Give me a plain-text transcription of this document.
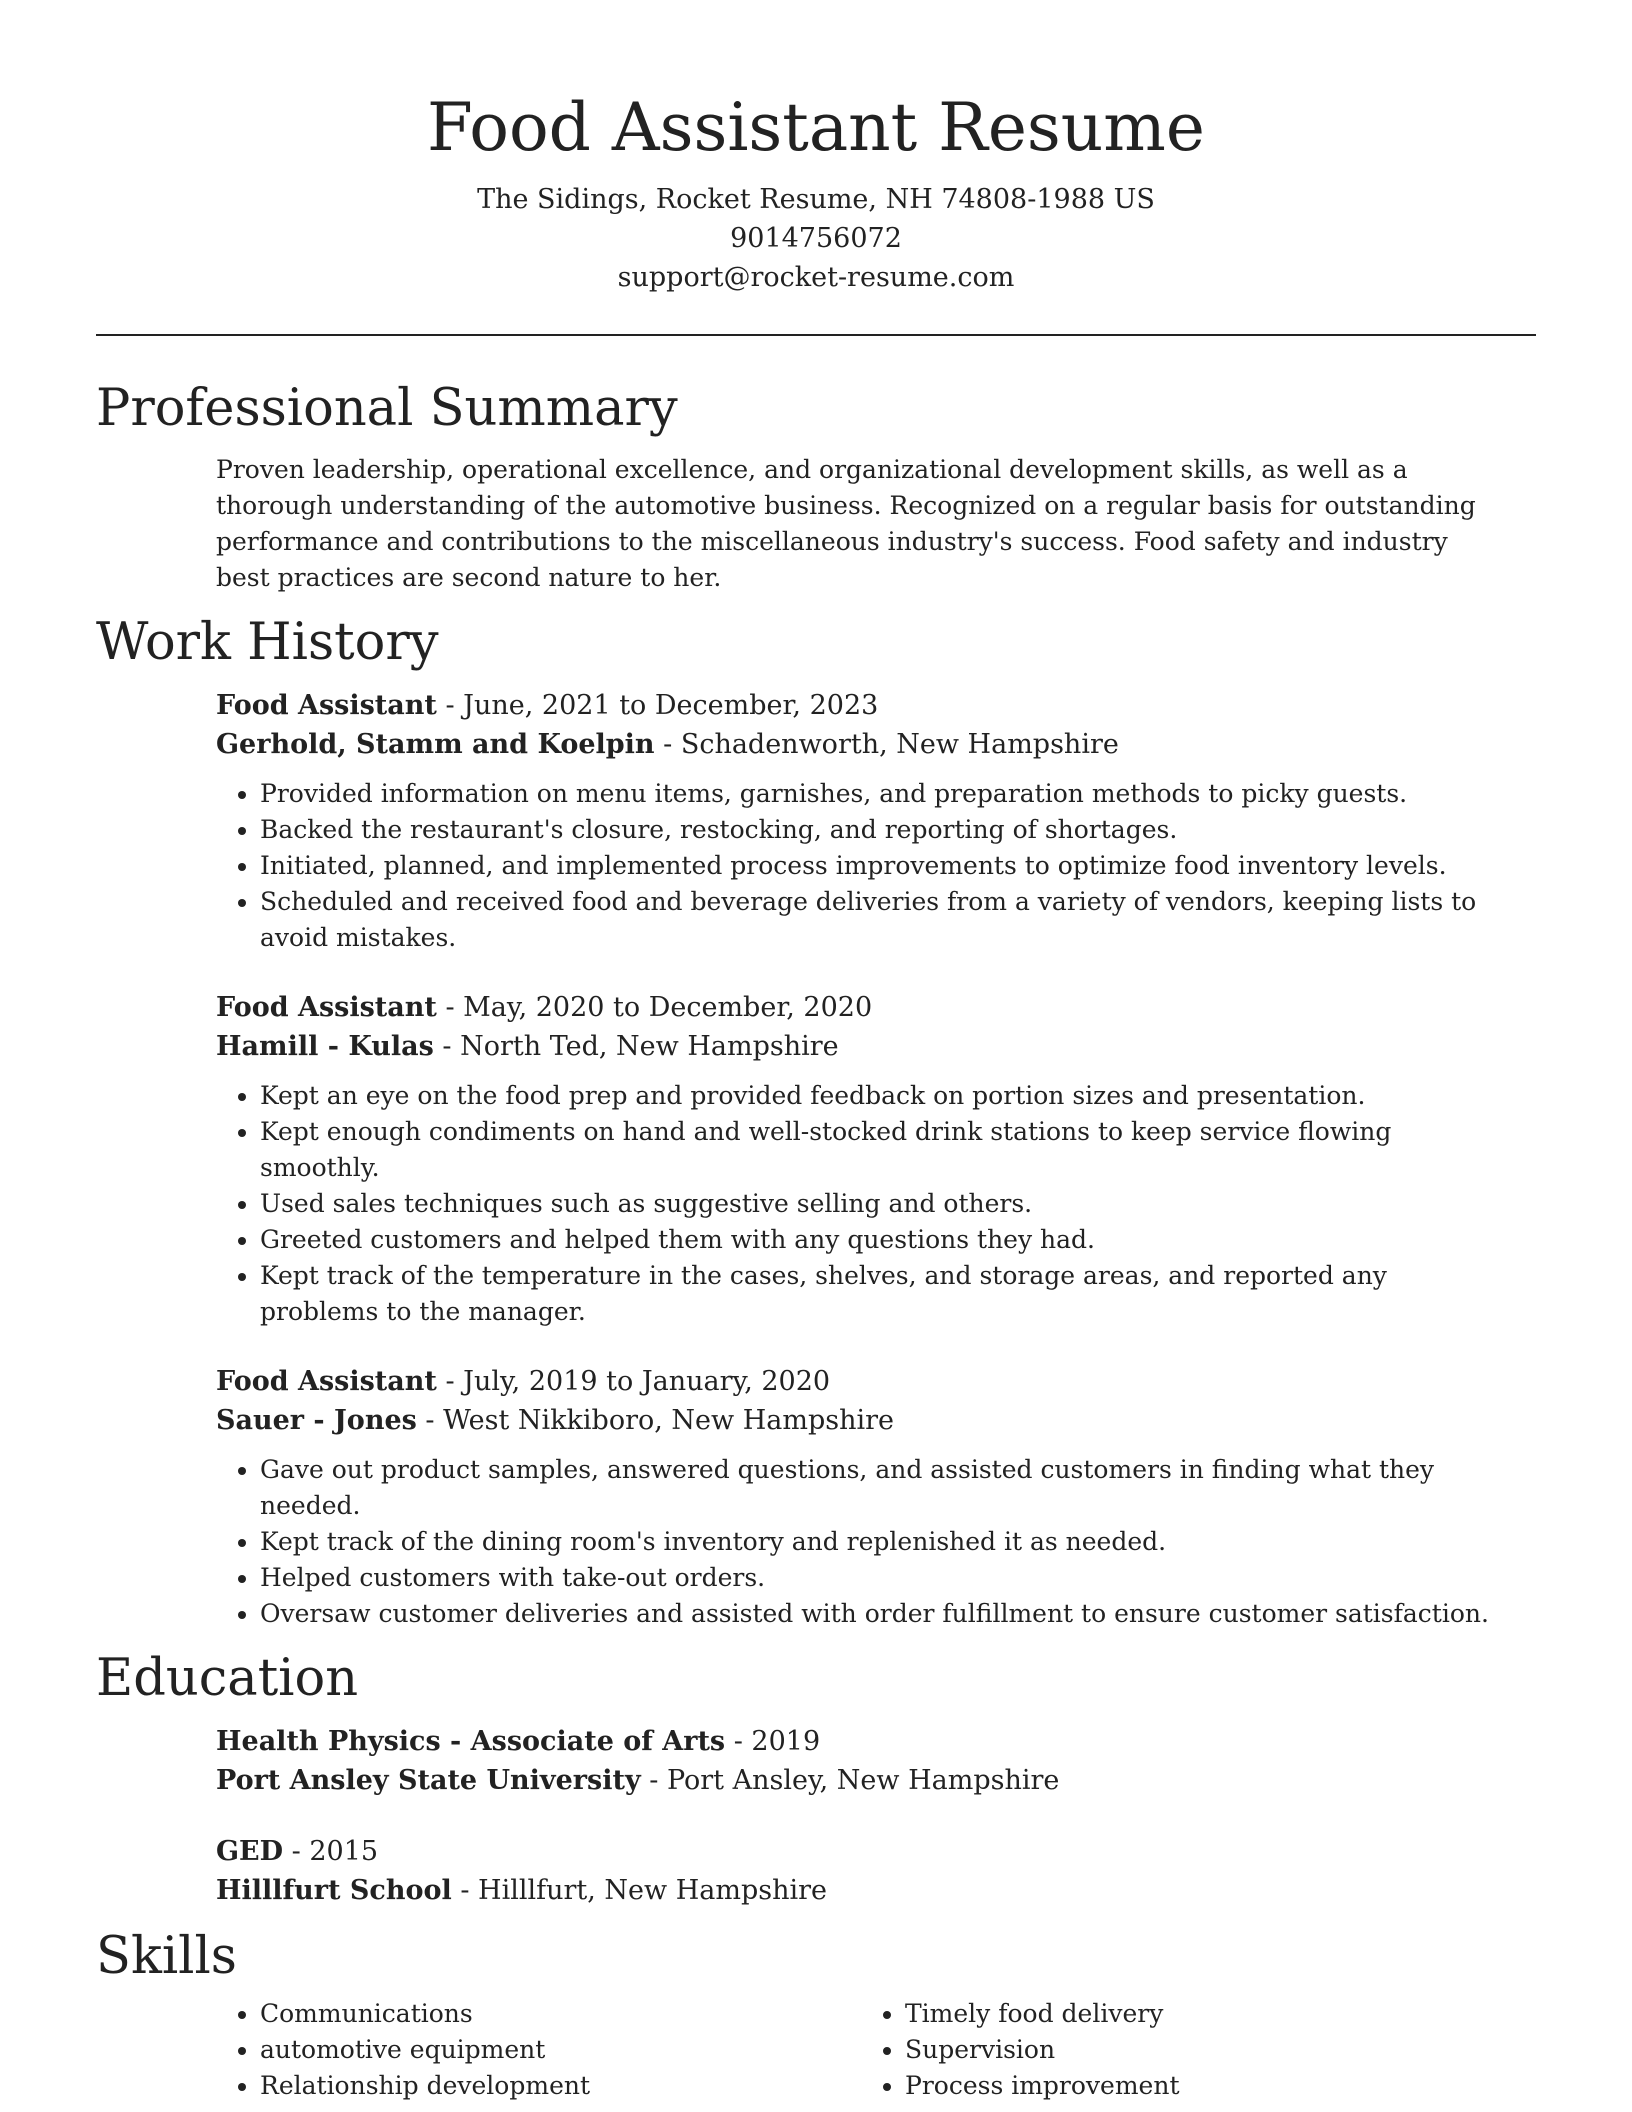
Food Assistant Resume

The Sidings, Rocket Resume, NH 74808-1988 US

9014756072

support@rocket-resume.com

Professional Summary

Proven leadership, operational excellence, and organizational development skills, as well as a thorough understanding of the automotive business. Recognized on a regular basis for outstanding performance and contributions to the miscellaneous industry's success. Food safety and industry best practices are second nature to her.

Work History

Food Assistant - June, 2021 to December, 2023

Gerhold, Stamm and Koelpin - Schadenworth, New Hampshire

• Provided information on menu items, garnishes, and preparation methods to picky guests.
• Backed the restaurant's closure, restocking, and reporting of shortages.
• Initiated, planned, and implemented process improvements to optimize food inventory levels.
• Scheduled and received food and beverage deliveries from a variety of vendors, keeping lists to avoid mistakes.

Food Assistant - May, 2020 to December, 2020

Hamill - Kulas - North Ted, New Hampshire

• Kept an eye on the food prep and provided feedback on portion sizes and presentation.
• Kept enough condiments on hand and well-stocked drink stations to keep service flowing smoothly.
• Used sales techniques such as suggestive selling and others.
• Greeted customers and helped them with any questions they had.
• Kept track of the temperature in the cases, shelves, and storage areas, and reported any problems to the manager.

Food Assistant - July, 2019 to January, 2020

Sauer - Jones - West Nikkiboro, New Hampshire

• Gave out product samples, answered questions, and assisted customers in finding what they needed.
• Kept track of the dining room's inventory and replenished it as needed.
• Helped customers with take-out orders.
• Oversaw customer deliveries and assisted with order fulfillment to ensure customer satisfaction.
Education

Health Physics - Associate of Arts - 2019

Port Ansley State University - Port Ansley, New Hampshire

GED - 2015

Hilllfurt School - Hilllfurt, New Hampshire

Skills
• Communications
• automotive equipment
• Relationship development
• Timely food delivery
• Supervision
• Process improvement
